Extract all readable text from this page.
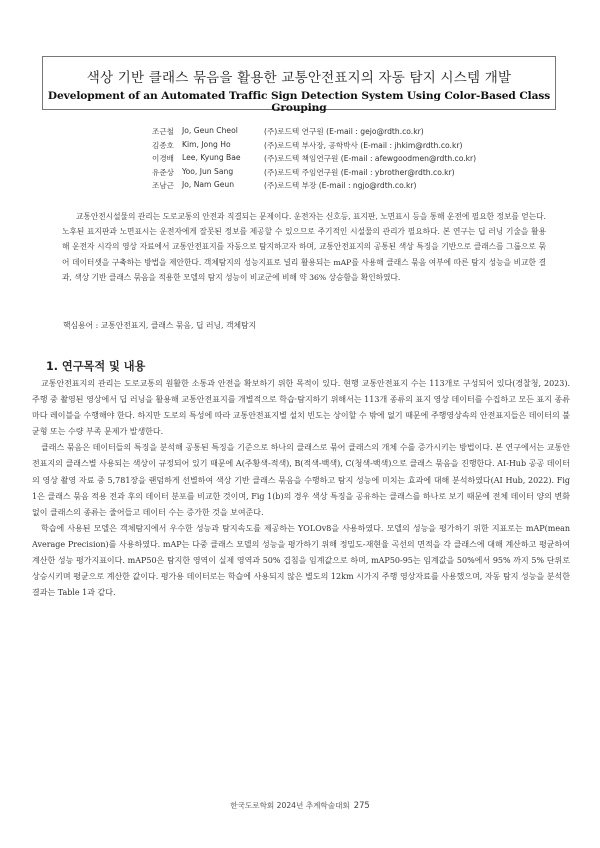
색상 기반 클래스 묶음을 활용한 교통안전표지의 자동 탐지 시스템 개발
Development of an Automated Traffic Sign Detection System Using Color-Based Class Grouping
조근철 Jo, Geun Cheol	(주)로드텍 연구원 (E-mail : gejo@rdth.co.kr)
김종호 Kim, Jong Ho	(주)로드텍 부사장, 공학박사 (E-mail : jhkim@rdth.co.kr)
이경배 Lee, Kyung Bae	(주)로드텍 책임연구원 (E-mail : afewgoodmen@rdth.co.kr)
유준상 Yoo, Jun Sang	(주)로드텍 주임연구원 (E-mail : ybrother@rdth.co.kr)
조남근 Jo, Nam Geun	(주)로드텍 부장 (E-mail : ngjo@rdth.co.kr)

교통안전시설물의 관리는 도로교통의 안전과 직결되는 문제이다. 운전자는 신호등, 표지판, 노면표시 등을 통해 운전에 필요한 정보를 얻는다. 노후된 표지판과 노면표시는 운전자에게 잘못된 정보를 제공할 수 있으므로 주기적인 시설물의 관리가 필요하다. 본 연구는 딥 러닝 기술을 활용해 운전자 시각의 영상 자료에서 교통안전표지를 자동으로 탐지하고자 하며, 교통안전표지의 공통된 색상 특징을 기반으로 클래스를 그룹으로 묶어 데이터셋을 구축하는 방법을 제안한다. 객체탐지의 성능지표로 널리 활용되는 mAP를 사용해 클래스 묶음 여부에 따른 탐지 성능을 비교한 결과, 색상 기반 클래스 묶음을 적용한 모델의 탐지 성능이 비교군에 비해 약 36% 상승함을 확인하였다.

핵심용어 : 교통안전표지, 클래스 묶음, 딥 러닝, 객체탐지

1. 연구목적 및 내용

교통안전표지의 관리는 도로교통의 원활한 소통과 안전을 확보하기 위한 목적이 있다. 현행 교통안전표지 수는 113개로 구성되어 있다(경찰청, 2023). 주행 중 촬영된 영상에서 딥 러닝을 활용해 교통안전표지를 개별적으로 학습·탐지하기 위해서는 113개 종류의 표지 영상 데이터를 수집하고 모든 표지 종류마다 레이블을 수행해야 한다. 하지만 도로의 특성에 따라 교통안전표지별 설치 빈도는 상이할 수 밖에 없기 때문에 주행영상속의 안전표지들은 데이터의 불균형 또는 수량 부족 문제가 발생한다.

클래스 묶음은 데이터들의 특징을 분석해 공통된 특징을 기준으로 하나의 클래스로 묶어 클래스의 개체 수를 증가시키는 방법이다. 본 연구에서는 교통안전표지의 클래스별 사용되는 색상이 규정되어 있기 때문에 A(주황색-적색), B(적색-백색), C(청색-백색)으로 클래스 묶음을 진행한다. AI-Hub 공공 데이터의 영상 촬영 자료 중 5,781장을 랜덤하게 선별하여 색상 기반 클래스 묶음을 수행하고 탐지 성능에 미치는 효과에 대해 분석하였다(AI Hub, 2022). Fig 1은 클래스 묶음 적용 전과 후의 데이터 분포를 비교한 것이며, Fig 1(b)의 경우 색상 특징을 공유하는 클래스를 하나로 보기 때문에 전체 데이터 양의 변화 없이 클래스의 종류는 줄어들고 데이터 수는 증가한 것을 보여준다.

학습에 사용된 모델은 객체탐지에서 우수한 성능과 탐지속도를 제공하는 YOLOv8을 사용하였다. 모델의 성능을 평가하기 위한 지표로는 mAP(mean Average Precision)를 사용하였다. mAP는 다중 클래스 모델의 성능을 평가하기 위해 정밀도-재현율 곡선의 면적을 각 클래스에 대해 계산하고 평균하여 계산한 성능 평가지표이다. mAP50은 탐지한 영역이 실제 영역과 50% 겹침을 임계값으로 하며, mAP50-95는 임계값을 50%에서 95% 까지 5% 단위로 상승시키며 평균으로 계산한 값이다. 평가용 데이터로는 학습에 사용되지 않은 별도의 12km 시가지 주행 영상자료를 사용했으며, 자동 탐지 성능을 분석한 결과는 Table 1과 같다.

한국도로학회 2024년 추계학술대회 275
